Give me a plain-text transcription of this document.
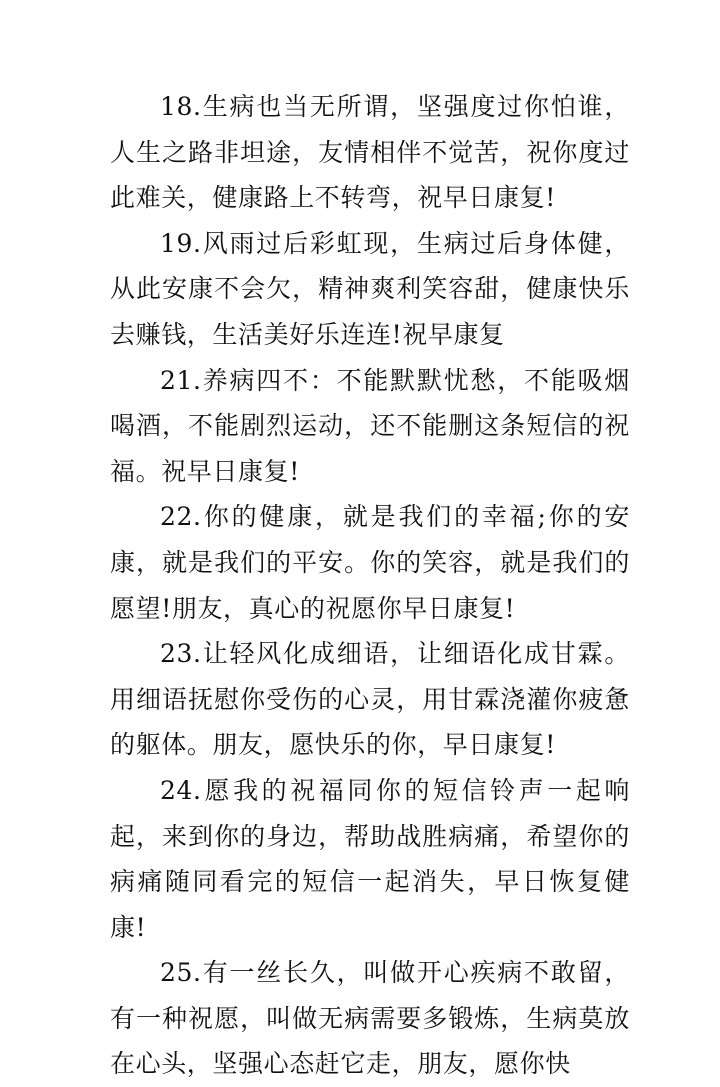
18.生病也当无所谓，坚强度过你怕谁，人生之路非坦途，友情相伴不觉苦，祝你度过此难关，健康路上不转弯，祝早日康复!

19.风雨过后彩虹现，生病过后身体健，从此安康不会欠，精神爽利笑容甜，健康快乐去赚钱，生活美好乐连连!祝早康复

21.养病四不：不能默默忧愁，不能吸烟喝酒，不能剧烈运动，还不能删这条短信的祝福。祝早日康复!

22.你的健康，就是我们的幸福;你的安康，就是我们的平安。你的笑容，就是我们的愿望!朋友，真心的祝愿你早日康复!

23.让轻风化成细语，让细语化成甘霖。用细语抚慰你受伤的心灵，用甘霖浇灌你疲惫的躯体。朋友，愿快乐的你，早日康复!

24.愿我的祝福同你的短信铃声一起响起，来到你的身边，帮助战胜病痛，希望你的病痛随同看完的短信一起消失，早日恢复健康!

25.有一丝长久，叫做开心疾病不敢留，有一种祝愿，叫做无病需要多锻炼，生病莫放在心头，坚强心态赶它走，朋友，愿你快
